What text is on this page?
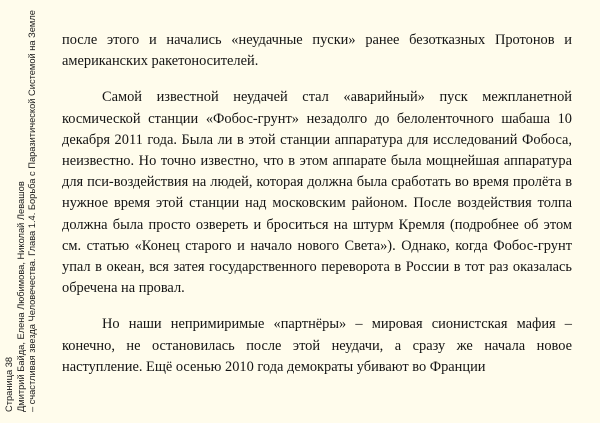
Страница 38 Дмитрий Байда, Елена Любимова, Николай Левашов – счастливая звезда Человечества. Глава 1.4. Борьба с Паразитической Системой на Земле после этого и начались «неудачные пуски» ранее безотказных Протонов и американских ракетоносителей.

Самой известной неудачей стал «аварийный» пуск межпланетной космической станции «Фобос-грунт» незадолго до белоленточного шабаша 10 декабря 2011 года. Была ли в этой станции аппаратура для исследований Фобоса, неизвестно. Но точно известно, что в этом аппарате была мощнейшая аппаратура для пси-воздействия на людей, которая должна была сработать во время пролёта в нужное время этой станции над московским районом. После воздействия толпа должна была просто озвереть и броситься на штурм Кремля (подробнее об этом см. статью «Конец старого и начало нового Света»). Однако, когда Фобос-грунт упал в океан, вся затея государственного переворота в России в тот раз оказалась обречена на провал.

Но наши непримиримые «партнёры» – мировая сионистская мафия – конечно, не остановилась после этой неудачи, а сразу же начала новое наступление. Ещё осенью 2010 года демократы убивают во Франции
